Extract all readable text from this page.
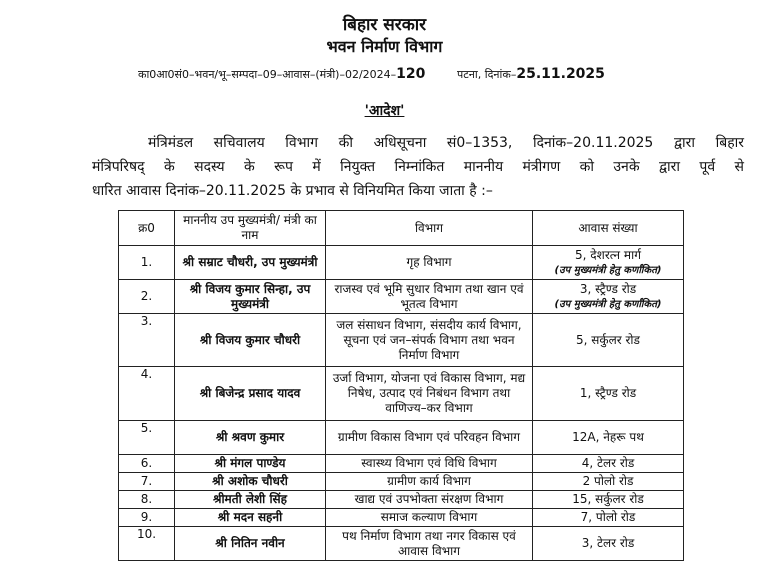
बिहार सरकार
भवन निर्माण विभाग
का0आ0सं0–भवन/भू–सम्पदा–09–आवास–(मंत्री)–02/2024–120	पटना, दिनांक–25.11.2025
'आदेश'
मंत्रिमंडल सचिवालय विभाग की अधिसूचना सं0–1353, दिनांक–20.11.2025 द्वारा बिहार
मंत्रिपरिषद् के सदस्य के रूप में नियुक्त निम्नांकित माननीय मंत्रीगण को उनके द्वारा पूर्व से
धारित आवास दिनांक–20.11.2025 के प्रभाव से विनियमित किया जाता है :–
क्र0	माननीय उप मुख्यमंत्री/ मंत्री का नाम	विभाग	आवास संख्या
1.	श्री सम्राट चौधरी, उप मुख्यमंत्री	गृह विभाग	5, देशरत्न मार्ग
(उप मुख्यमंत्री हेतु कर्णांकित)

2.	श्री विजय कुमार सिन्हा, उप मुख्यमंत्री	राजस्व एवं भूमि सुधार विभाग तथा खान एवं भूतत्व विभाग	3, स्ट्रैण्ड रोड
(उप मुख्यमंत्री हेतु कर्णांकित)

3.	श्री विजय कुमार चौधरी	जल संसाधन विभाग, संसदीय कार्य विभाग, सूचना एवं जन–संपर्क विभाग तथा भवन निर्माण विभाग	5, सर्कुलर रोड
4.	श्री बिजेन्द्र प्रसाद यादव	उर्जा विभाग, योजना एवं विकास विभाग, मद्य निषेध, उत्पाद एवं निबंधन विभाग तथा वाणिज्य–कर विभाग	1, स्ट्रैण्ड रोड
5.	श्री श्रवण कुमार	ग्रामीण विकास विभाग एवं परिवहन विभाग	12A, नेहरू पथ
6.	श्री मंगल पाण्डेय	स्वास्थ्य विभाग एवं विधि विभाग	4, टेलर रोड
7.	श्री अशोक चौधरी	ग्रामीण कार्य विभाग	2 पोलो रोड
8.	श्रीमती लेशी सिंह	खाद्य एवं उपभोक्ता संरक्षण विभाग	15, सर्कुलर रोड
9.	श्री मदन सहनी	समाज कल्याण विभाग	7, पोलो रोड
10.	श्री नितिन नवीन	पथ निर्माण विभाग तथा नगर विकास एवं आवास विभाग	3, टेलर रोड
